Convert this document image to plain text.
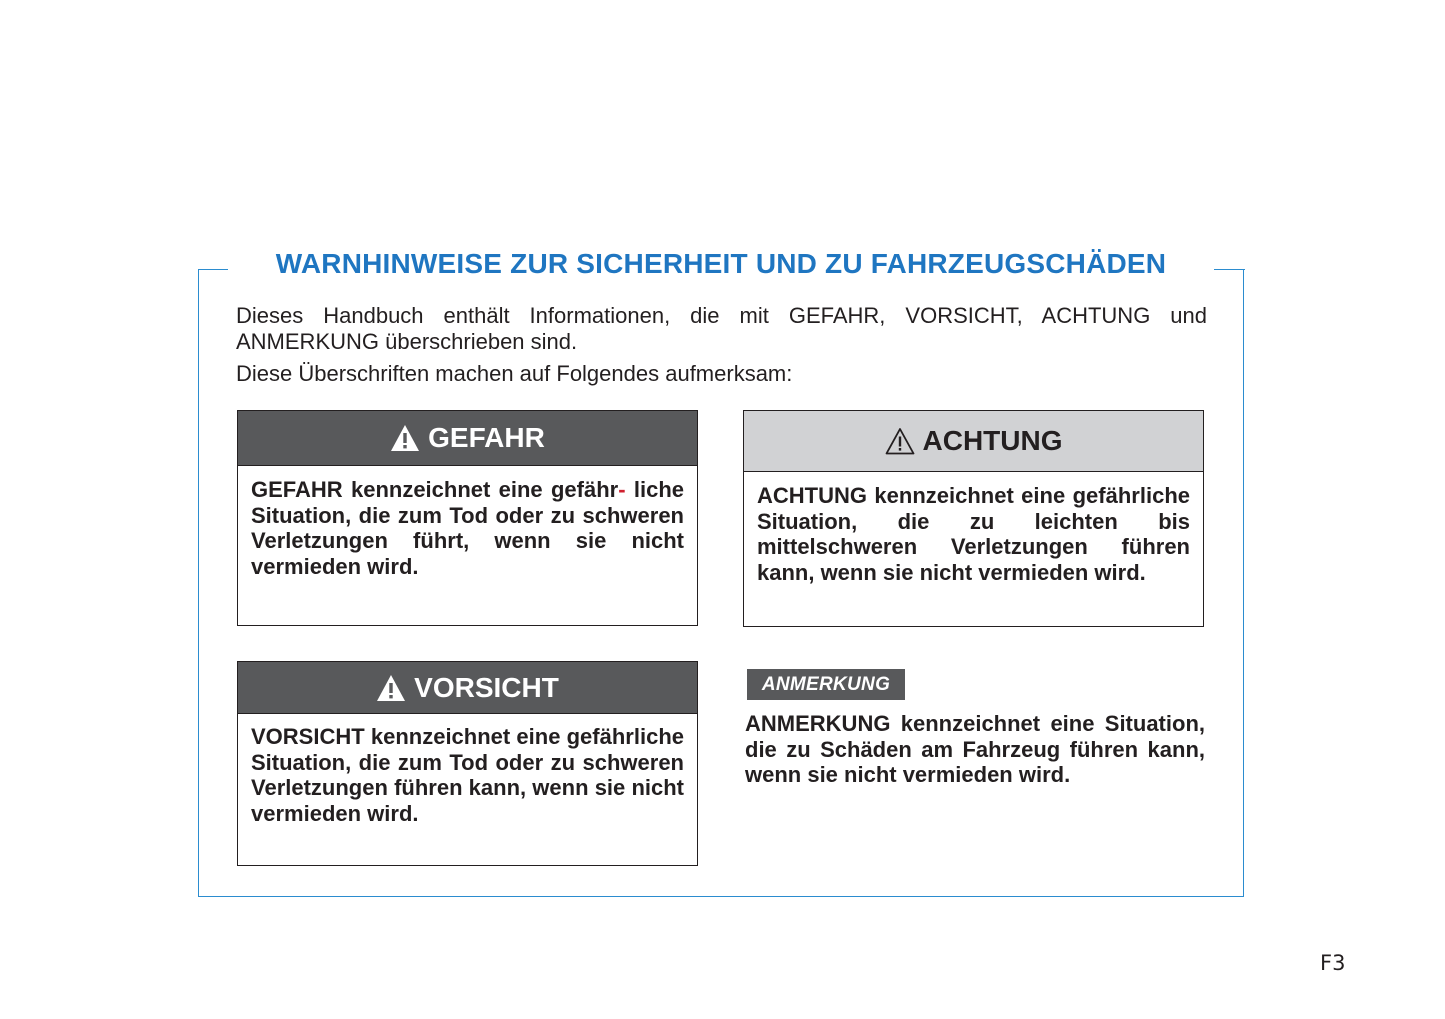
WARNHINWEISE ZUR SICHERHEIT UND ZU FAHRZEUGSCHÄDEN

Dieses Handbuch enthält Informationen, die mit GEFAHR, VORSICHT, ACHTUNG und ANMERKUNG überschrieben sind.

Diese Überschriften machen auf Folgendes aufmerksam:

GEFAHR
GEFAHR kennzeichnet eine gefähr- liche Situation, die zum Tod oder zu schweren Verletzungen führt, wenn sie nicht vermieden wird.
ACHTUNG
ACHTUNG kennzeichnet eine gefährliche Situation, die zu leichten bis mittelschweren Verletzungen führen kann, wenn sie nicht vermieden wird.
VORSICHT
VORSICHT kennzeichnet eine gefährliche Situation, die zum Tod oder zu schweren Verletzungen führen kann, wenn sie nicht vermieden wird.
ANMERKUNG
ANMERKUNG kennzeichnet eine Situation, die zu Schäden am Fahrzeug führen kann, wenn sie nicht vermieden wird.
F3
